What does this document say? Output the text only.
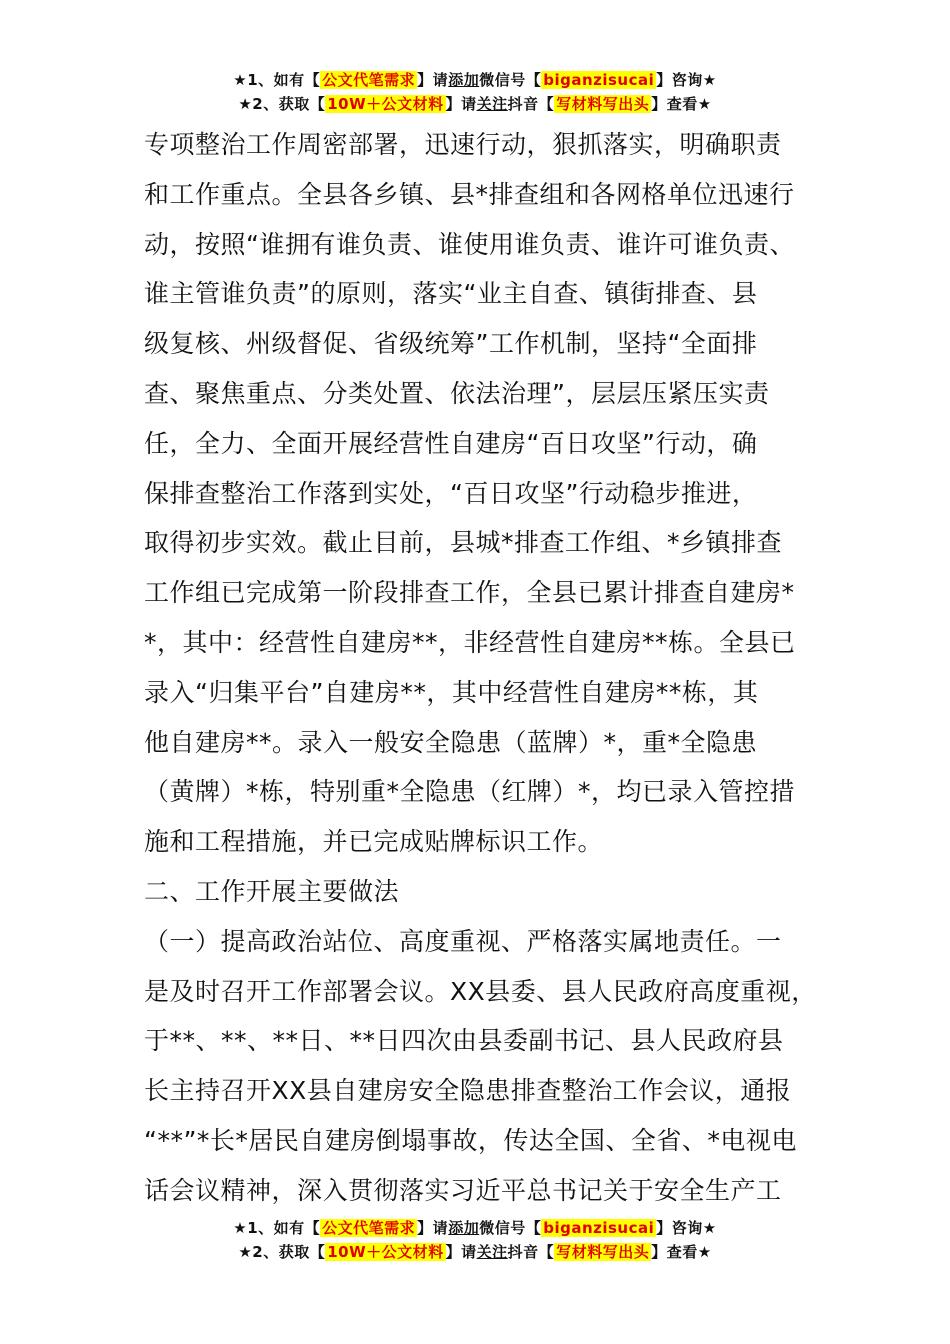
★1、如有【 公文代笔需求 】请添加微信号【 biganzisucai 】咨询★
★2、获取【 10W＋公文材料 】请关注抖音【 写材料写出头 】查看★

专项整治工作周密部署，迅速行动，狠抓落实，明确职责

和工作重点。全县各乡镇、县*排查组和各网格单位迅速行

动，按照“谁拥有谁负责、谁使用谁负责、谁许可谁负责、

谁主管谁负责”的原则，落实“业主自查、镇街排查、县

级复核、州级督促、省级统筹”工作机制，坚持“全面排

查、聚焦重点、分类处置、依法治理”，层层压紧压实责

任，全力、全面开展经营性自建房“百日攻坚”行动，确

保排查整治工作落到实处，“百日攻坚”行动稳步推进，

取得初步实效。截止目前，县城*排查工作组、*乡镇排查

工作组已完成第一阶段排查工作，全县已累计排查自建房*

*，其中：经营性自建房**，非经营性自建房**栋。全县已

录入“归集平台”自建房**，其中经营性自建房**栋，其

他自建房**。录入一般安全隐患（蓝牌）*，重*全隐患

（黄牌）*栋，特别重*全隐患（红牌）*，均已录入管控措

施和工程措施，并已完成贴牌标识工作。

二、工作开展主要做法

（一）提高政治站位、高度重视、严格落实属地责任。一

是及时召开工作部署会议。XX县委、县人民政府高度重视，

于**、**、**日、**日四次由县委副书记、县人民政府县

长主持召开XX县自建房安全隐患排查整治工作会议，通报

“**”*长*居民自建房倒塌事故，传达全国、全省、*电视电

话会议精神，深入贯彻落实习近平总书记关于安全生产工

★1、如有【 公文代笔需求 】请添加微信号【 biganzisucai 】咨询★
★2、获取【 10W＋公文材料 】请关注抖音【 写材料写出头 】查看★
